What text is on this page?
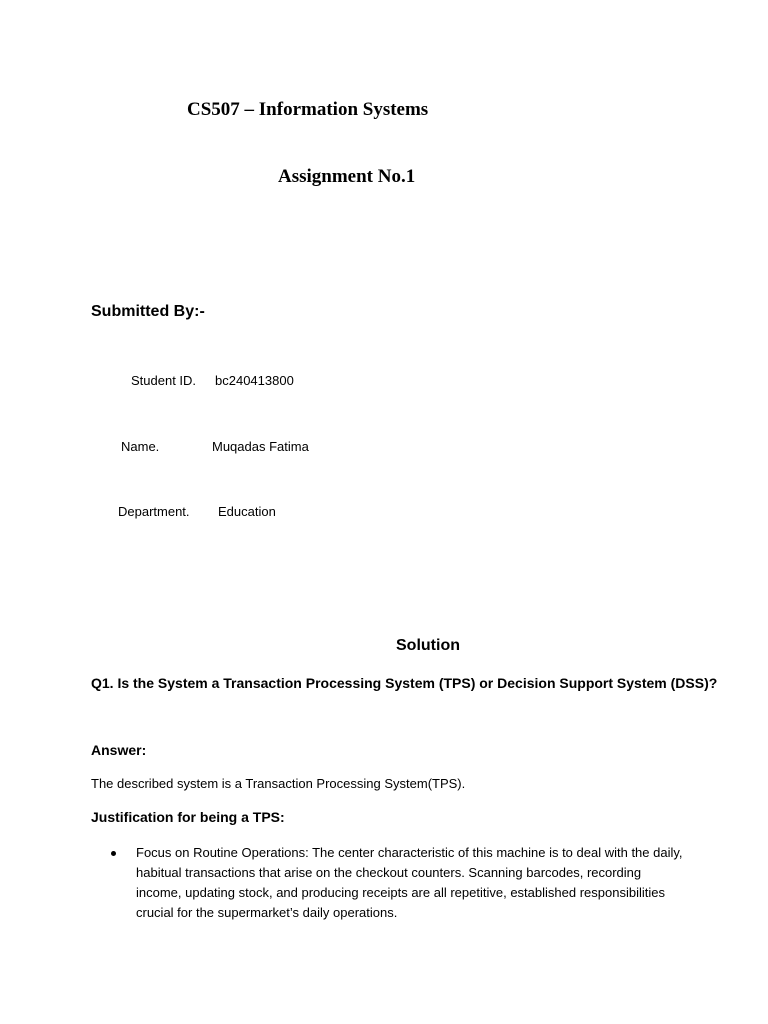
CS507 – Information Systems
Assignment No.1
Submitted By:-
Student ID. bc240413800
Name.	Muqadas Fatima
Department. Education
Solution
Q1. Is the System a Transaction Processing System (TPS) or Decision Support System (DSS)?
Answer:
The described system is a Transaction Processing System(TPS).
Justification for being a TPS:
Focus on Routine Operations: The center characteristic of this machine is to deal with the daily, habitual transactions that arise on the checkout counters. Scanning barcodes, recording income, updating stock, and producing receipts are all repetitive, established responsibilities crucial for the supermarket’s daily operations.
